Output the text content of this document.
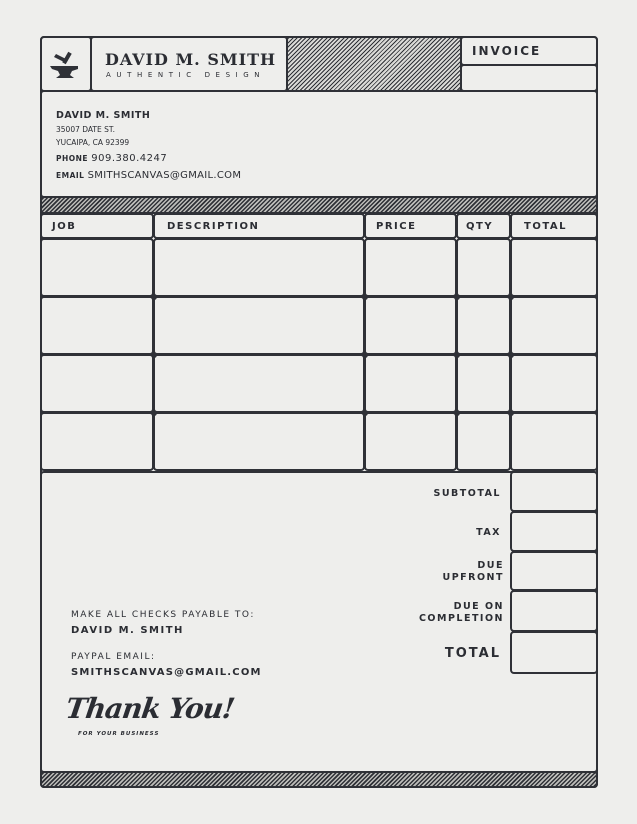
DAVID M. SMITH
AUTHENTIC DESIGN
INVOICE
DAVID M. SMITH
35007 DATE ST.
YUCAIPA, CA 92399
PHONE 909.380.4247
EMAIL SMITHSCANVAS@GMAIL.COM
JOB	DESCRIPTION	PRICE	QTY	TOTAL
SUBTOTAL
TAX
DUE
UPFRONT
DUE ON
COMPLETION
TOTAL
MAKE ALL CHECKS PAYABLE TO:
DAVID M. SMITH
PAYPAL EMAIL:
SMITHSCANVAS@GMAIL.COM
Thank You!
FOR YOUR BUSINESS
